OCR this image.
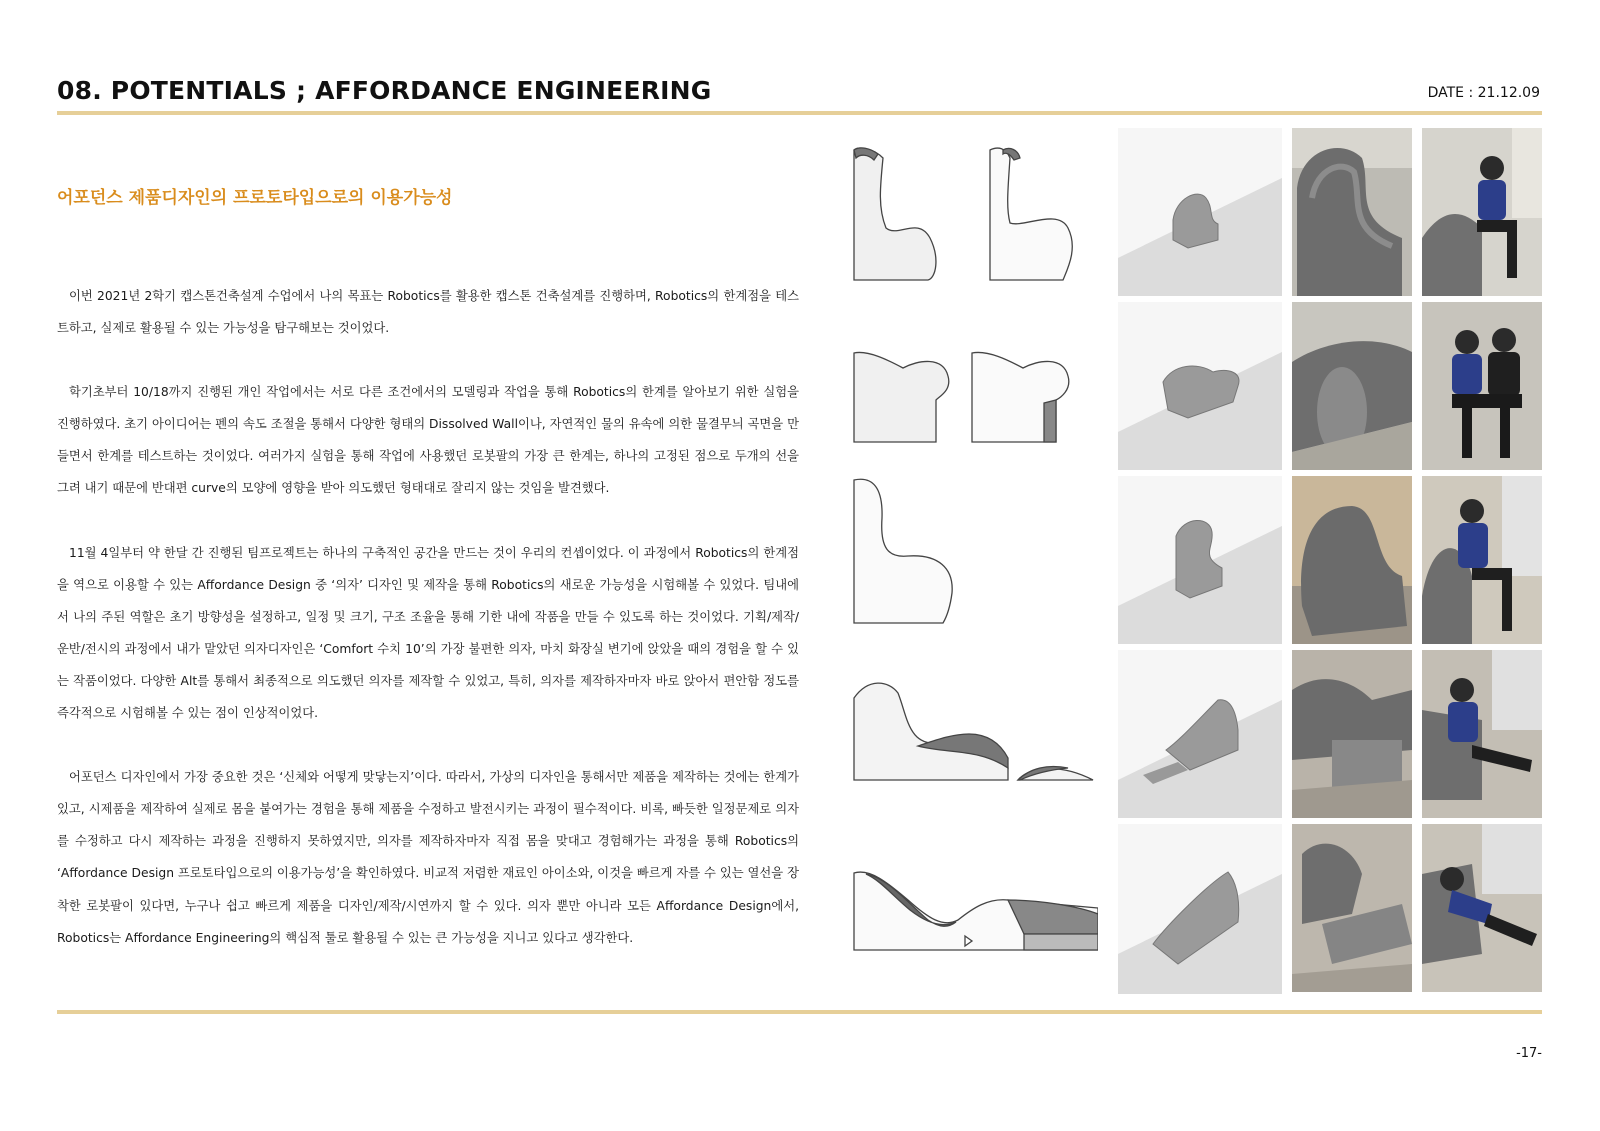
08. POTENTIALS ; AFFORDANCE ENGINEERING	DATE : 21.12.09
어포던스 제품디자인의 프로토타입으로의 이용가능성

이번 2021년 2학기 캡스톤건축설계 수업에서 나의 목표는 Robotics를 활용한 캡스톤 건축설계를 진행하며, Robotics의 한계점을 테스트하고, 실제로 활용될 수 있는 가능성을 탐구해보는 것이었다.

학기초부터 10/18까지 진행된 개인 작업에서는 서로 다른 조건에서의 모델링과 작업을 통해 Robotics의 한계를 알아보기 위한 실험을 진행하였다. 초기 아이디어는 펜의 속도 조절을 통해서 다양한 형태의 Dissolved Wall이나, 자연적인 물의 유속에 의한 물결무늬 곡면을 만들면서 한계를 테스트하는 것이었다. 여러가지 실험을 통해 작업에 사용했던 로봇팔의 가장 큰 한계는, 하나의 고정된 점으로 두개의 선을 그려 내기 때문에 반대편 curve의 모양에 영향을 받아 의도했던 형태대로 잘리지 않는 것임을 발견했다.

11월 4일부터 약 한달 간 진행된 팀프로젝트는 하나의 구축적인 공간을 만드는 것이 우리의 컨셉이었다. 이 과정에서 Robotics의 한계점을 역으로 이용할 수 있는 Affordance Design 중 ‘의자’ 디자인 및 제작을 통해 Robotics의 새로운 가능성을 시험해볼 수 있었다. 팀내에서 나의 주된 역할은 초기 방향성을 설정하고, 일정 및 크기, 구조 조율을 통해 기한 내에 작품을 만들 수 있도록 하는 것이었다. 기획/제작/운반/전시의 과정에서 내가 맡았던 의자디자인은 ‘Comfort 수치 10’의 가장 불편한 의자, 마치 화장실 변기에 앉았을 때의 경험을 할 수 있는 작품이었다. 다양한 Alt를 통해서 최종적으로 의도했던 의자를 제작할 수 있었고, 특히, 의자를 제작하자마자 바로 앉아서 편안함 정도를 즉각적으로 시험해볼 수 있는 점이 인상적이었다.

어포던스 디자인에서 가장 중요한 것은 ‘신체와 어떻게 맞닿는지’이다. 따라서, 가상의 디자인을 통해서만 제품을 제작하는 것에는 한계가 있고, 시제품을 제작하여 실제로 몸을 붙여가는 경험을 통해 제품을 수정하고 발전시키는 과정이 필수적이다. 비록, 빠듯한 일정문제로 의자를 수정하고 다시 제작하는 과정을 진행하지 못하였지만, 의자를 제작하자마자 직접 몸을 맞대고 경험해가는 과정을 통해 Robotics의 ‘Affordance Design 프로토타입으로의 이용가능성’을 확인하였다. 비교적 저렴한 재료인 아이소와, 이것을 빠르게 자를 수 있는 열선을 장착한 로봇팔이 있다면, 누구나 쉽고 빠르게 제품을 디자인/제작/시연까지 할 수 있다. 의자 뿐만 아니라 모든 Affordance Design에서, Robotics는 Affordance Engineering의 핵심적 툴로 활용될 수 있는 큰 가능성을 지니고 있다고 생각한다.

-17-
